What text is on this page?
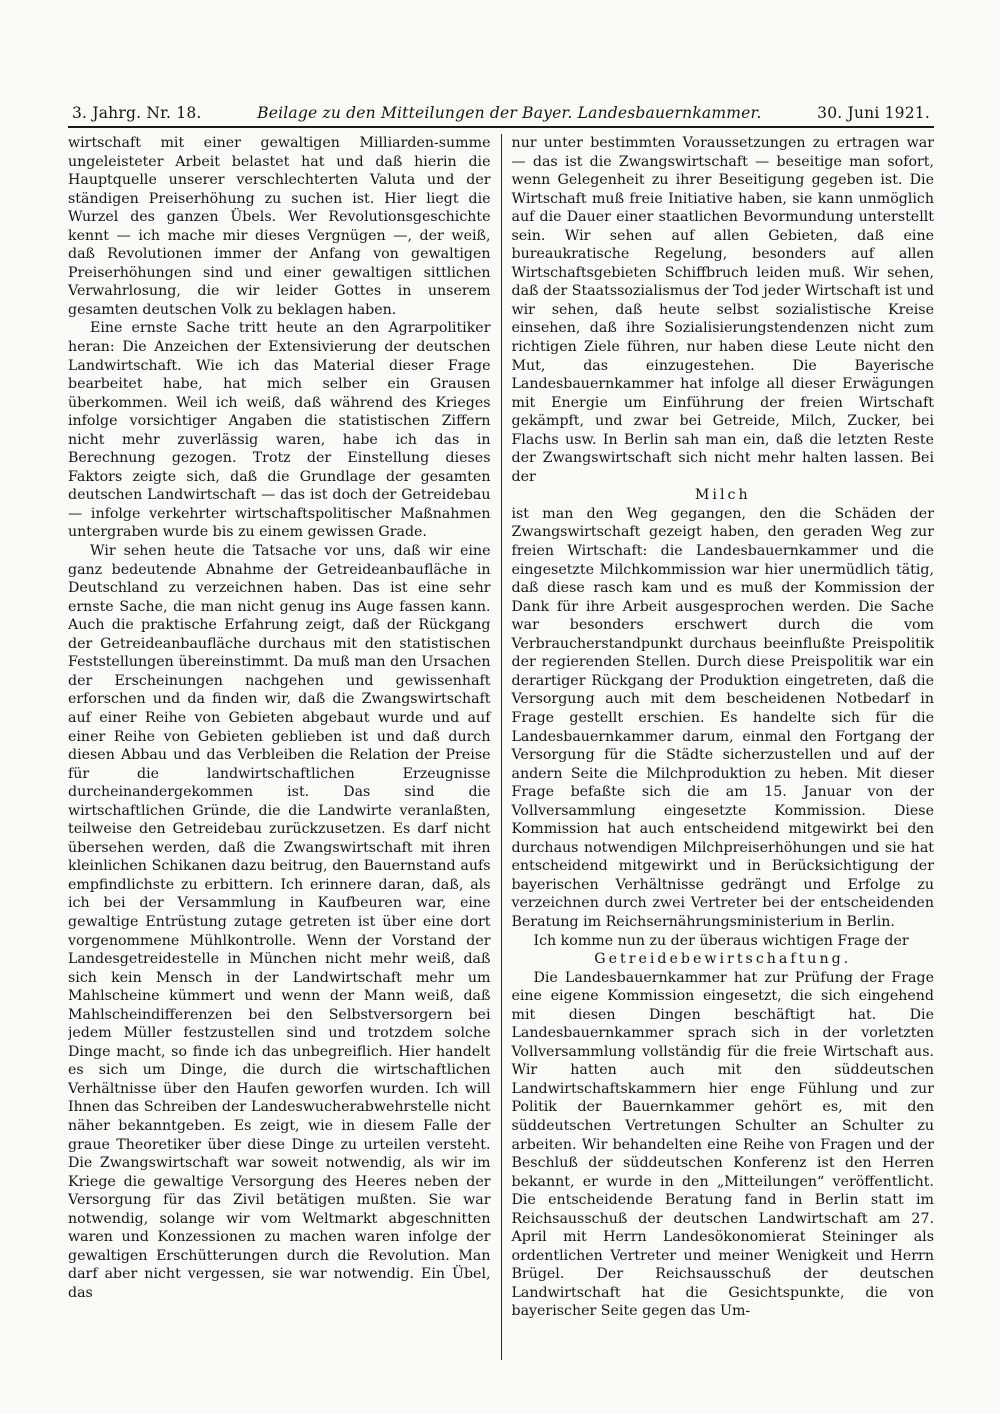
3. Jahrg. Nr. 18.	Beilage zu den Mitteilungen der Bayer. Landesbauernkammer.	30. Juni 1921.

wirtschaft mit einer gewaltigen Milliarden-summe ungeleisteter Arbeit belastet hat und daß hierin die Hauptquelle unserer verschlechterten Valuta und der ständigen Preiserhöhung zu suchen ist. Hier liegt die Wurzel des ganzen Übels. Wer Revolutionsgeschichte kennt — ich mache mir dieses Vergnügen —, der weiß, daß Revolutionen immer der Anfang von gewaltigen Preiserhöhungen sind und einer gewaltigen sittlichen Verwahrlosung, die wir leider Gottes in unserem gesamten deutschen Volk zu beklagen haben.

Eine ernste Sache tritt heute an den Agrarpolitiker heran: Die Anzeichen der Extensivierung der deutschen Landwirtschaft. Wie ich das Material dieser Frage bearbeitet habe, hat mich selber ein Grausen überkommen. Weil ich weiß, daß während des Krieges infolge vorsichtiger Angaben die statistischen Ziffern nicht mehr zuverlässig waren, habe ich das in Berechnung gezogen. Trotz der Einstellung dieses Faktors zeigte sich, daß die Grundlage der gesamten deutschen Landwirtschaft — das ist doch der Getreidebau — infolge verkehrter wirtschaftspolitischer Maßnahmen untergraben wurde bis zu einem gewissen Grade.

Wir sehen heute die Tatsache vor uns, daß wir eine ganz bedeutende Abnahme der Getreideanbaufläche in Deutschland zu verzeichnen haben. Das ist eine sehr ernste Sache, die man nicht genug ins Auge fassen kann. Auch die praktische Erfahrung zeigt, daß der Rückgang der Getreideanbaufläche durchaus mit den statistischen Feststellungen übereinstimmt. Da muß man den Ursachen der Erscheinungen nachgehen und gewissenhaft erforschen und da finden wir, daß die Zwangswirtschaft auf einer Reihe von Gebieten abgebaut wurde und auf einer Reihe von Gebieten geblieben ist und daß durch diesen Abbau und das Verbleiben die Relation der Preise für die landwirtschaftlichen Erzeugnisse durcheinandergekommen ist. Das sind die wirtschaftlichen Gründe, die die Landwirte veranlaßten, teilweise den Getreidebau zurückzusetzen. Es darf nicht übersehen werden, daß die Zwangswirtschaft mit ihren kleinlichen Schikanen dazu beitrug, den Bauernstand aufs empfindlichste zu erbittern. Ich erinnere daran, daß, als ich bei der Versammlung in Kaufbeuren war, eine gewaltige Entrüstung zutage getreten ist über eine dort vorgenommene Mühlkontrolle. Wenn der Vorstand der Landesgetreidestelle in München nicht mehr weiß, daß sich kein Mensch in der Landwirtschaft mehr um Mahlscheine kümmert und wenn der Mann weiß, daß Mahlscheindifferenzen bei den Selbstversorgern bei jedem Müller festzustellen sind und trotzdem solche Dinge macht, so finde ich das unbegreiflich. Hier handelt es sich um Dinge, die durch die wirtschaftlichen Verhältnisse über den Haufen geworfen wurden. Ich will Ihnen das Schreiben der Landeswucherabwehrstelle nicht näher bekanntgeben. Es zeigt, wie in diesem Falle der graue Theoretiker über diese Dinge zu urteilen versteht. Die Zwangswirtschaft war soweit notwendig, als wir im Kriege die gewaltige Versorgung des Heeres neben der Versorgung für das Zivil betätigen mußten. Sie war notwendig, solange wir vom Weltmarkt abgeschnitten waren und Konzessionen zu machen waren infolge der gewaltigen Erschütterungen durch die Revolution. Man darf aber nicht vergessen, sie war notwendig. Ein Übel, das

nur unter bestimmten Voraussetzungen zu ertragen war — das ist die Zwangswirtschaft — beseitige man sofort, wenn Gelegenheit zu ihrer Beseitigung gegeben ist. Die Wirtschaft muß freie Initiative haben, sie kann unmöglich auf die Dauer einer staatlichen Bevormundung unterstellt sein. Wir sehen auf allen Gebieten, daß eine bureaukratische Regelung, besonders auf allen Wirtschaftsgebieten Schiffbruch leiden muß. Wir sehen, daß der Staatssozialismus der Tod jeder Wirtschaft ist und wir sehen, daß heute selbst sozialistische Kreise einsehen, daß ihre Sozialisierungstendenzen nicht zum richtigen Ziele führen, nur haben diese Leute nicht den Mut, das einzugestehen. Die Bayerische Landesbauernkammer hat infolge all dieser Erwägungen mit Energie um Einführung der freien Wirtschaft gekämpft, und zwar bei Getreide, Milch, Zucker, bei Flachs usw. In Berlin sah man ein, daß die letzten Reste der Zwangswirtschaft sich nicht mehr halten lassen. Bei der

Milch

ist man den Weg gegangen, den die Schäden der Zwangswirtschaft gezeigt haben, den geraden Weg zur freien Wirtschaft: die Landesbauernkammer und die eingesetzte Milchkommission war hier unermüdlich tätig, daß diese rasch kam und es muß der Kommission der Dank für ihre Arbeit ausgesprochen werden. Die Sache war besonders erschwert durch die vom Verbraucherstandpunkt durchaus beeinflußte Preispolitik der regierenden Stellen. Durch diese Preispolitik war ein derartiger Rückgang der Produktion eingetreten, daß die Versorgung auch mit dem bescheidenen Notbedarf in Frage gestellt erschien. Es handelte sich für die Landesbauernkammer darum, einmal den Fortgang der Versorgung für die Städte sicherzustellen und auf der andern Seite die Milchproduktion zu heben. Mit dieser Frage befaßte sich die am 15. Januar von der Vollversammlung eingesetzte Kommission. Diese Kommission hat auch entscheidend mitgewirkt bei den durchaus notwendigen Milchpreiserhöhungen und sie hat entscheidend mitgewirkt und in Berücksichtigung der bayerischen Verhältnisse gedrängt und Erfolge zu verzeichnen durch zwei Vertreter bei der entscheidenden Beratung im Reichsernährungsministerium in Berlin.

Ich komme nun zu der überaus wichtigen Frage der

Getreidebewirtschaftung.

Die Landesbauernkammer hat zur Prüfung der Frage eine eigene Kommission eingesetzt, die sich eingehend mit diesen Dingen beschäftigt hat. Die Landesbauernkammer sprach sich in der vorletzten Vollversammlung vollständig für die freie Wirtschaft aus. Wir hatten auch mit den süddeutschen Landwirtschaftskammern hier enge Fühlung und zur Politik der Bauernkammer gehört es, mit den süddeutschen Vertretungen Schulter an Schulter zu arbeiten. Wir behandelten eine Reihe von Fragen und der Beschluß der süddeutschen Konferenz ist den Herren bekannt, er wurde in den „Mitteilungen“ veröffentlicht. Die entscheidende Beratung fand in Berlin statt im Reichsausschuß der deutschen Landwirtschaft am 27. April mit Herrn Landesökonomierat Steininger als ordentlichen Vertreter und meiner Wenigkeit und Herrn Brügel. Der Reichsausschuß der deutschen Landwirtschaft hat die Gesichtspunkte, die von bayerischer Seite gegen das Um-
